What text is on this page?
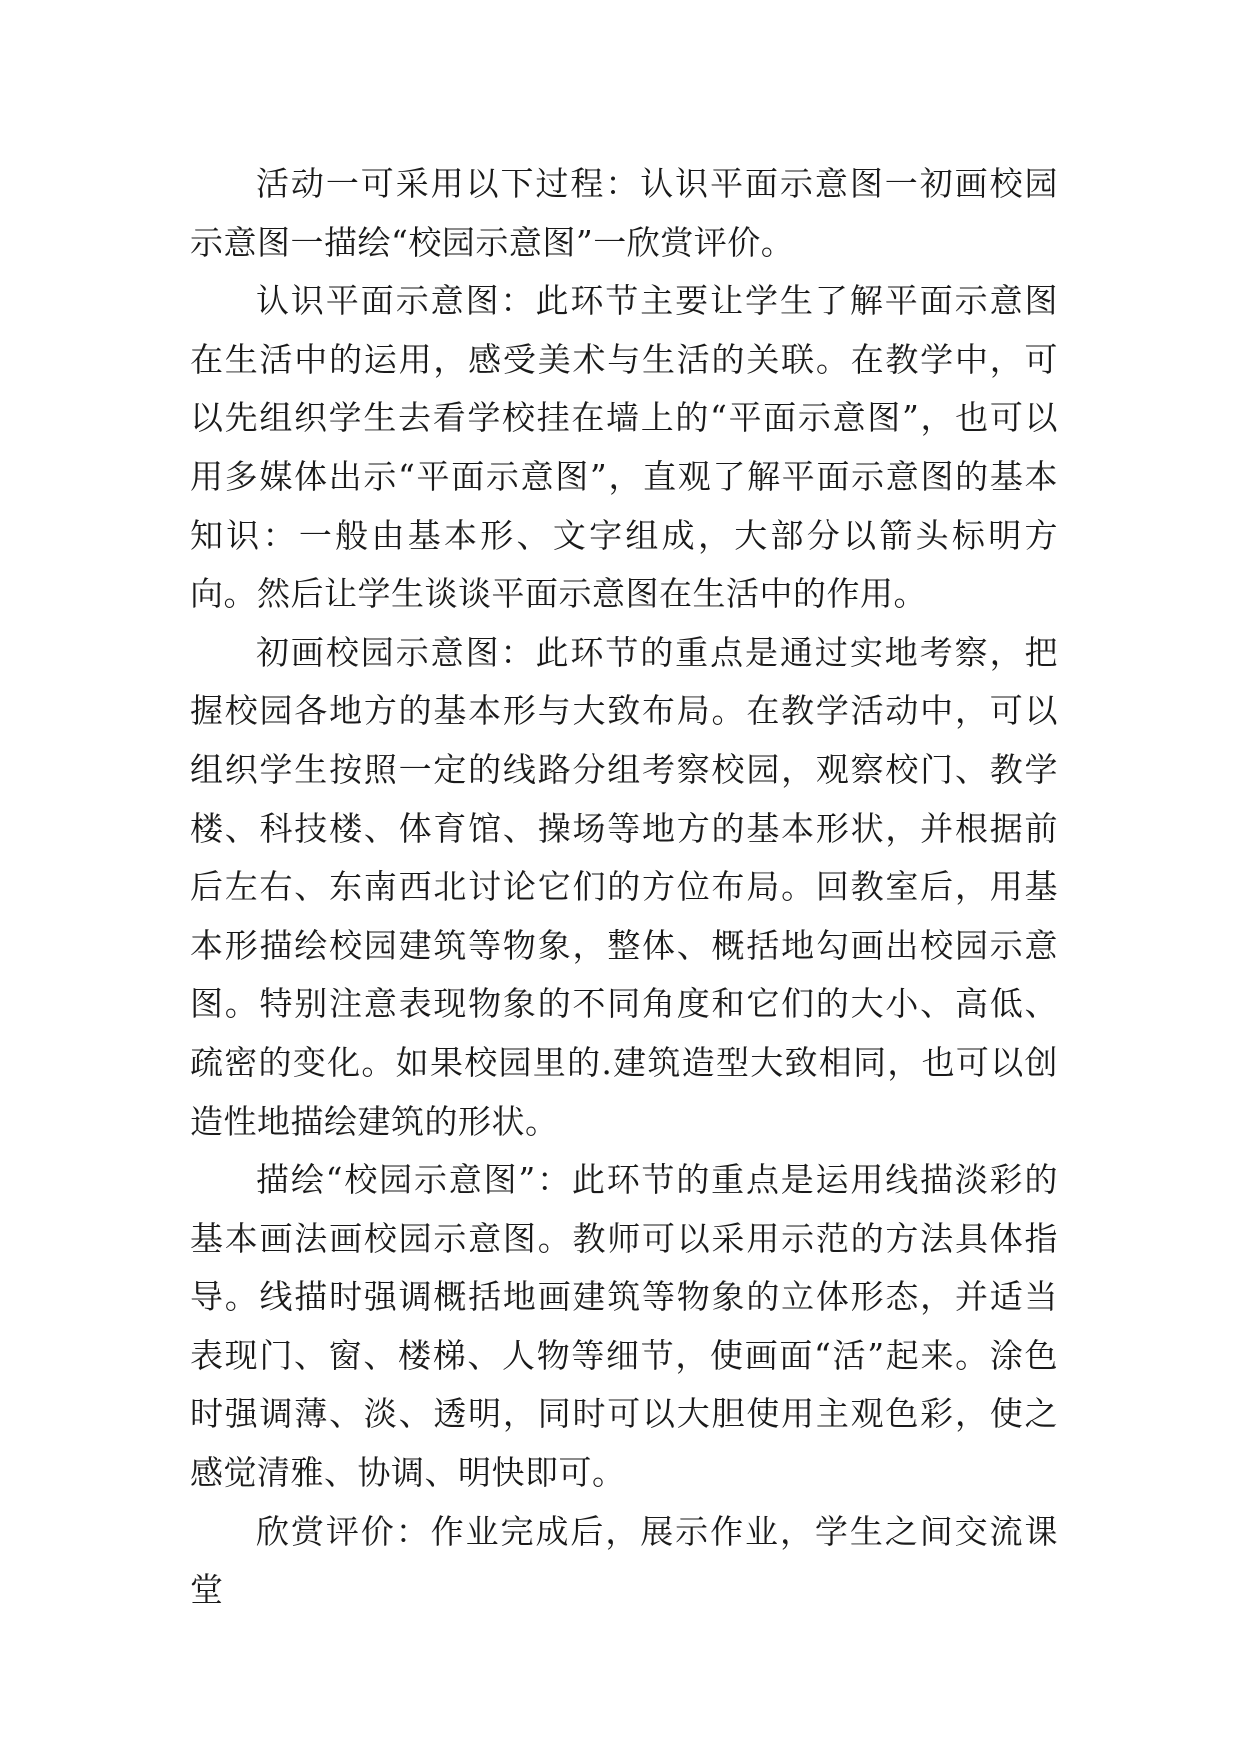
活动一可采用以下过程：认识平面示意图一初画校园示意图一描绘“校园示意图”一欣赏评价。

认识平面示意图：此环节主要让学生了解平面示意图在生活中的运用，感受美术与生活的关联。在教学中，可以先组织学生去看学校挂在墙上的“平面示意图”，也可以用多媒体出示“平面示意图”，直观了解平面示意图的基本知识：一般由基本形、文字组成，大部分以箭头标明方向。然后让学生谈谈平面示意图在生活中的作用。

初画校园示意图：此环节的重点是通过实地考察，把握校园各地方的基本形与大致布局。在教学活动中，可以组织学生按照一定的线路分组考察校园，观察校门、教学楼、科技楼、体育馆、操场等地方的基本形状，并根据前后左右、东南西北讨论它们的方位布局。回教室后，用基本形描绘校园建筑等物象，整体、概括地勾画出校园示意图。特别注意表现物象的不同角度和它们的大小、高低、疏密的变化。如果校园里的.建筑造型大致相同，也可以创造性地描绘建筑的形状。

描绘“校园示意图”：此环节的重点是运用线描淡彩的基本画法画校园示意图。教师可以采用示范的方法具体指导。线描时强调概括地画建筑等物象的立体形态，并适当表现门、窗、楼梯、人物等细节，使画面“活”起来。涂色时强调薄、淡、透明，同时可以大胆使用主观色彩，使之感觉清雅、协调、明快即可。

欣赏评价：作业完成后，展示作业，学生之间交流课堂
